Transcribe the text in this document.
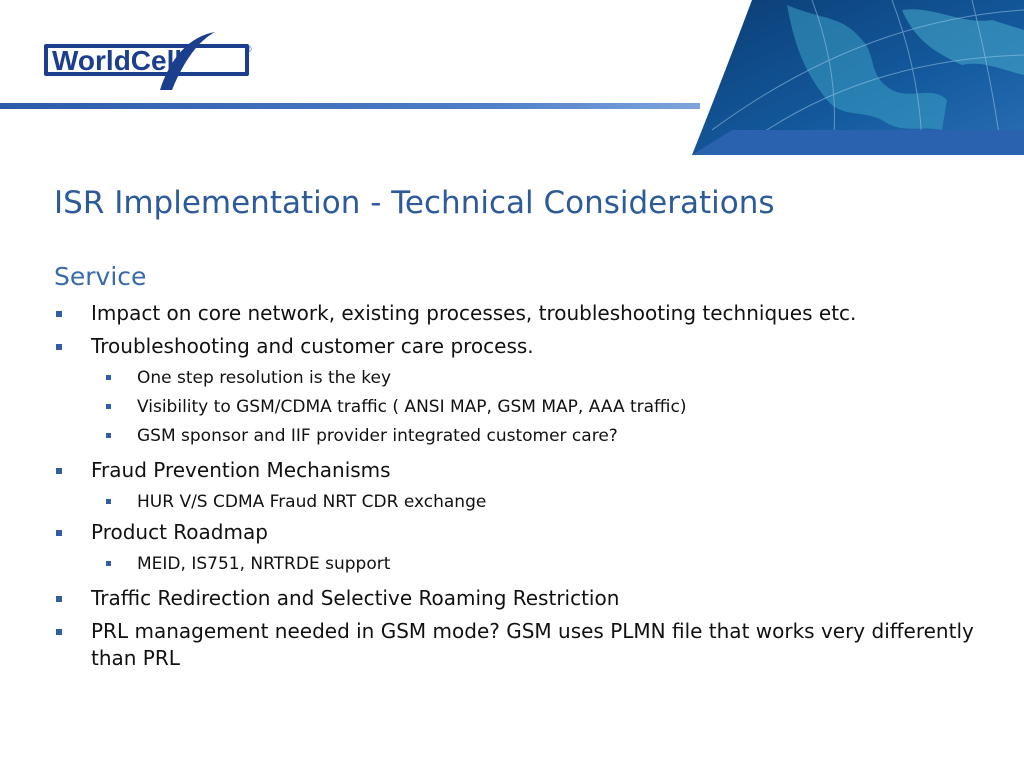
WorldCell	®
ISR Implementation - Technical Considerations
Service
Impact on core network, existing processes, troubleshooting techniques etc.
Troubleshooting and customer care process.
One step resolution is the key
Visibility to GSM/CDMA traffic ( ANSI MAP, GSM MAP, AAA traffic)
GSM sponsor and IIF provider integrated customer care?
Fraud Prevention Mechanisms
HUR V/S CDMA Fraud NRT CDR exchange
Product Roadmap
MEID, IS751, NRTRDE support
Traffic Redirection and Selective Roaming Restriction
PRL management needed in GSM mode? GSM uses PLMN file that works very differently than PRL
